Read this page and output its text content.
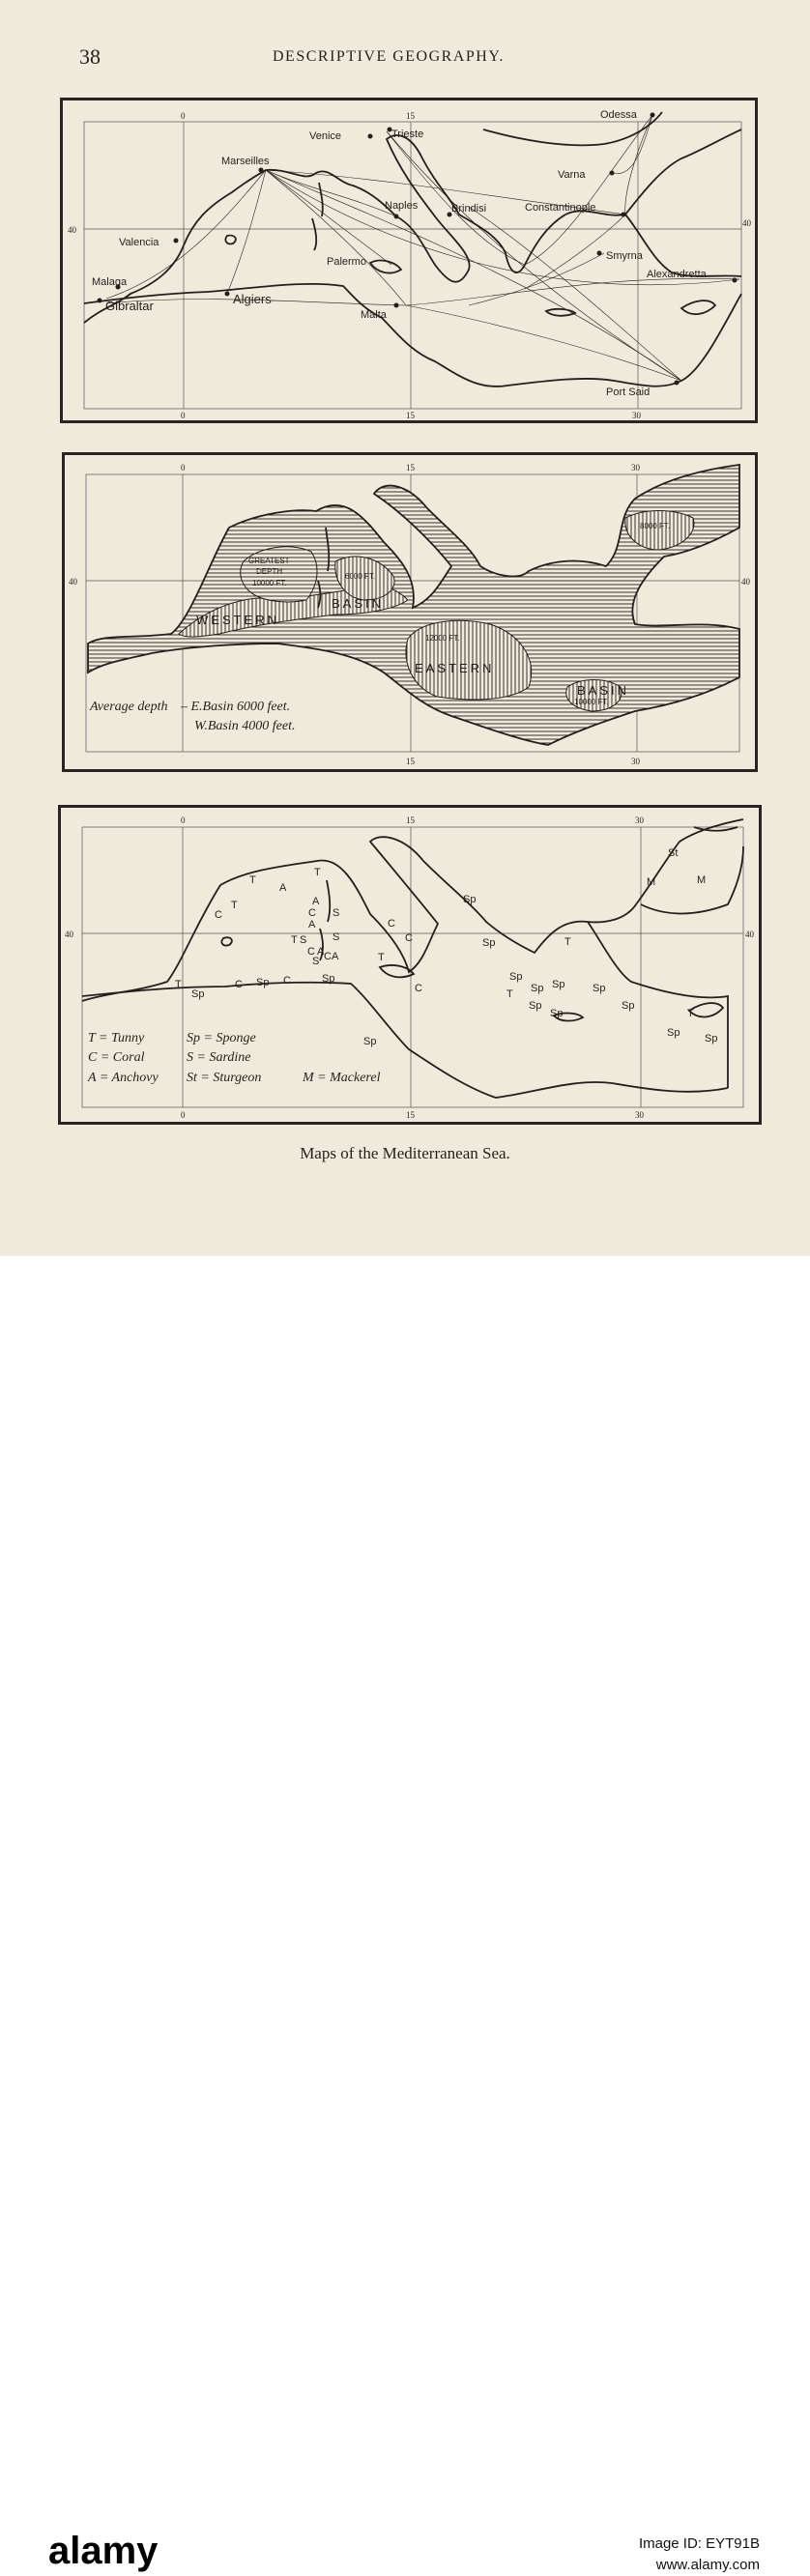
38	DESCRIPTIVE GEOGRAPHY.
0	15
0	15	30
40
40
Odessa
Venice	Trieste
Marseilles
Varna
Naples	Brindisi	Constantinople
Valencia
Smyrna
Palermo
Alexandretta
Malaga
Gibraltar	Algiers
Malta
Port Said
0	15	30
15	30
40	40
GREATEST
DEPTH
10000 FT.
6000 FT.
8000 FT.
12000 FT.
10000 FT.
WESTERN
BASIN
EASTERN
BASIN
Average depth – E.Basin 6000 feet.
W.Basin 4000 feet.
0	15	30
0	15	30
40	40
T
A
T
C
T	A
S
C
A
S
T S
C A
S C A
C
T
C
T
Sp
C Sp C	Sp
C
Sp
Sp	T
Sp
T Sp Sp
Sp
Sp
Sp
Sp
Sp
Sp
T
Sp
St
M	M
T = Tunny
C = Coral
A = Anchovy
Sp = Sponge
S = Sardine
St = Sturgeon	M = Mackerel
Maps of the Mediterranean Sea.
alamy	Image ID: EYT91B
www.alamy.com
